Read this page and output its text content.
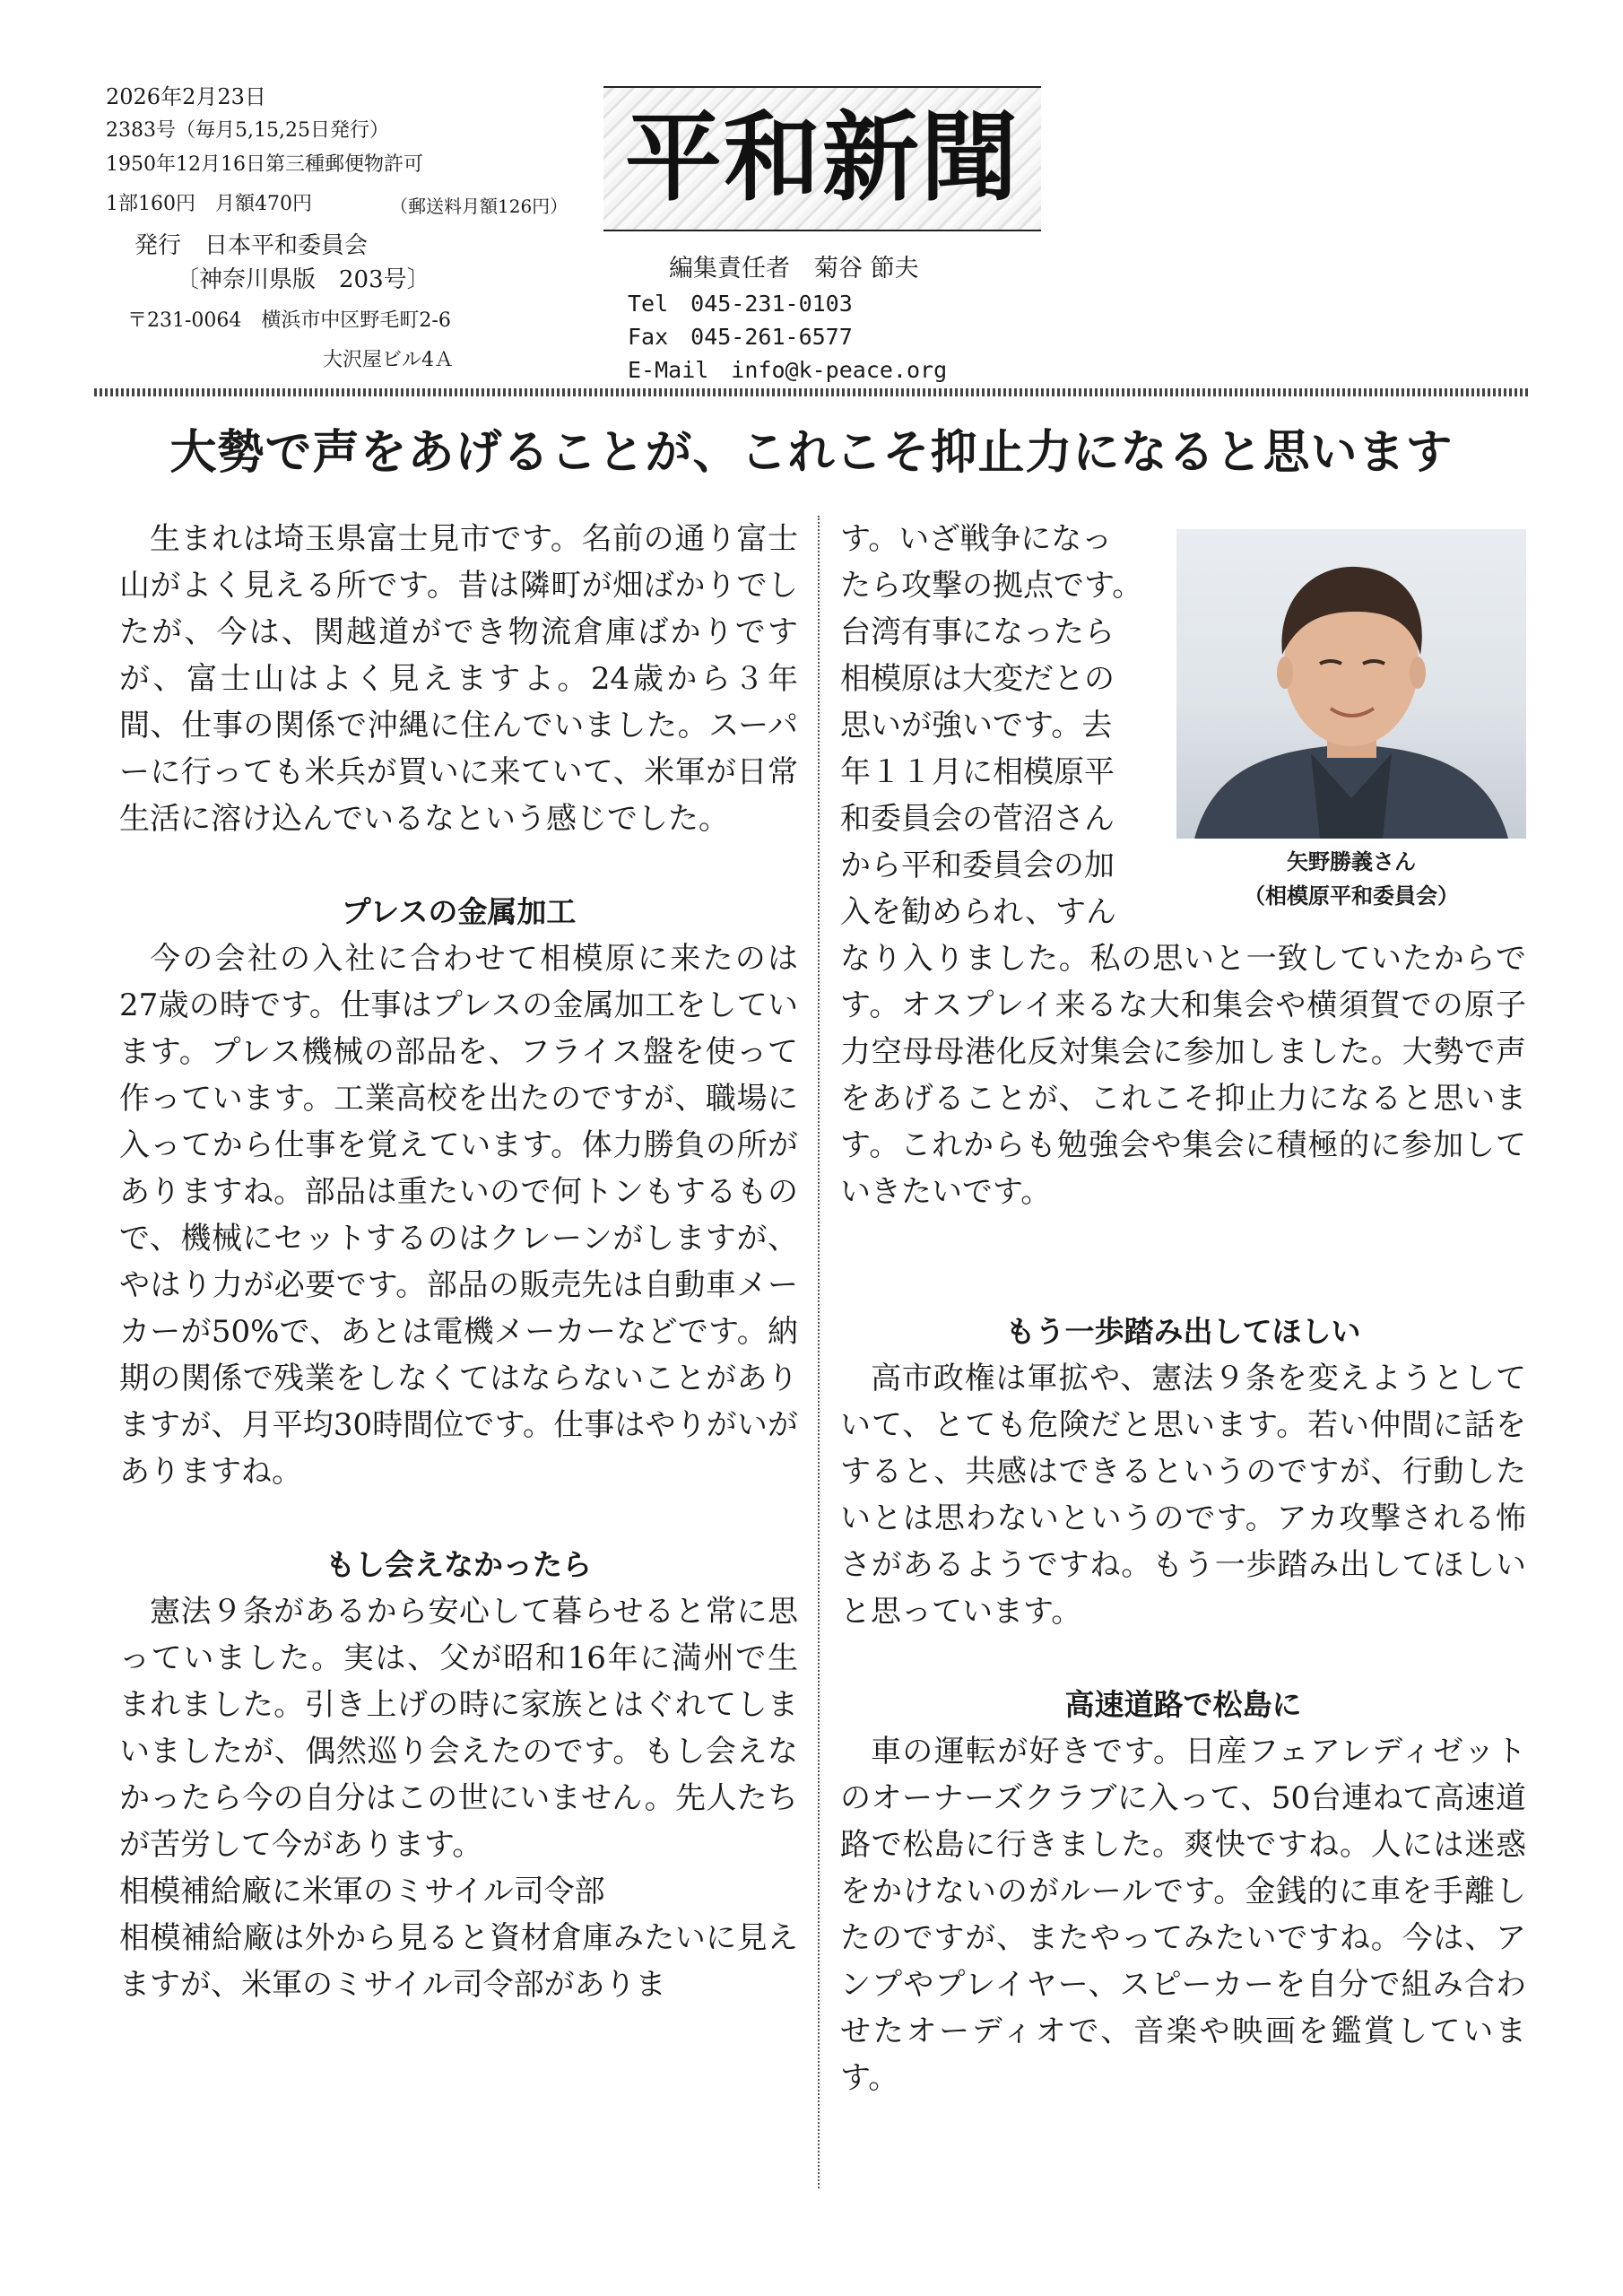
2026年2月23日
2383号（毎月5,15,25日発行）
1950年12月16日第三種郵便物許可
1部160円　月額470円	（郵送料月額126円）
発行　日本平和委員会
〔神奈川県版　203号〕
〒231-0064　横浜市中区野毛町2-6
大沢屋ビル4Ａ
平和新聞
編集責任者　菊谷 節夫
Tel　045-231-0103
Fax　045-261-6577
E-Mail　info@k-peace.org
大勢で声をあげることが、これこそ抑止力になると思います

生まれは埼玉県富士見市です。名前の通り富士山がよく見える所です。昔は隣町が畑ばかりでしたが、今は、関越道ができ物流倉庫ばかりですが、富士山はよく見えますよ。24歳から３年間、仕事の関係で沖縄に住んでいました。スーパーに行っても米兵が買いに来ていて、米軍が日常生活に溶け込んでいるなという感じでした。

プレスの金属加工

今の会社の入社に合わせて相模原に来たのは27歳の時です。仕事はプレスの金属加工をしています。プレス機械の部品を、フライス盤を使って作っています。工業高校を出たのですが、職場に入ってから仕事を覚えています。体力勝負の所がありますね。部品は重たいので何トンもするもので、機械にセットするのはクレーンがしますが、やはり力が必要です。部品の販売先は自動車メーカーが50%で、あとは電機メーカーなどです。納期の関係で残業をしなくてはならないことがありますが、月平均30時間位です。仕事はやりがいがありますね。

もし会えなかったら

憲法９条があるから安心して暮らせると常に思っていました。実は、父が昭和16年に満州で生まれました。引き上げの時に家族とはぐれてしまいましたが、偶然巡り会えたのです。もし会えなかったら今の自分はこの世にいません。先人たちが苦労して今があります。

相模補給廠に米軍のミサイル司令部

相模補給廠は外から見ると資材倉庫みたいに見えますが、米軍のミサイル司令部がありま

す。いざ戦争になっ

たら攻撃の拠点です。

台湾有事になったら

相模原は大変だとの

思いが強いです。去

年１１月に相模原平

和委員会の菅沼さん

から平和委員会の加

入を勧められ、すん

矢野勝義さん
（相模原平和委員会）

なり入りました。私の思いと一致していたからです。オスプレイ来るな大和集会や横須賀での原子力空母母港化反対集会に参加しました。大勢で声をあげることが、これこそ抑止力になると思います。これからも勉強会や集会に積極的に参加していきたいです。

もう一歩踏み出してほしい

高市政権は軍拡や、憲法９条を変えようとしていて、とても危険だと思います。若い仲間に話をすると、共感はできるというのですが、行動したいとは思わないというのです。アカ攻撃される怖さがあるようですね。もう一歩踏み出してほしいと思っています。

高速道路で松島に

車の運転が好きです。日産フェアレディゼットのオーナーズクラブに入って、50台連ねて高速道路で松島に行きました。爽快ですね。人には迷惑をかけないのがルールです。金銭的に車を手離したのですが、またやってみたいですね。今は、アンプやプレイヤー、スピーカーを自分で組み合わせたオーディオで、音楽や映画を鑑賞しています。
